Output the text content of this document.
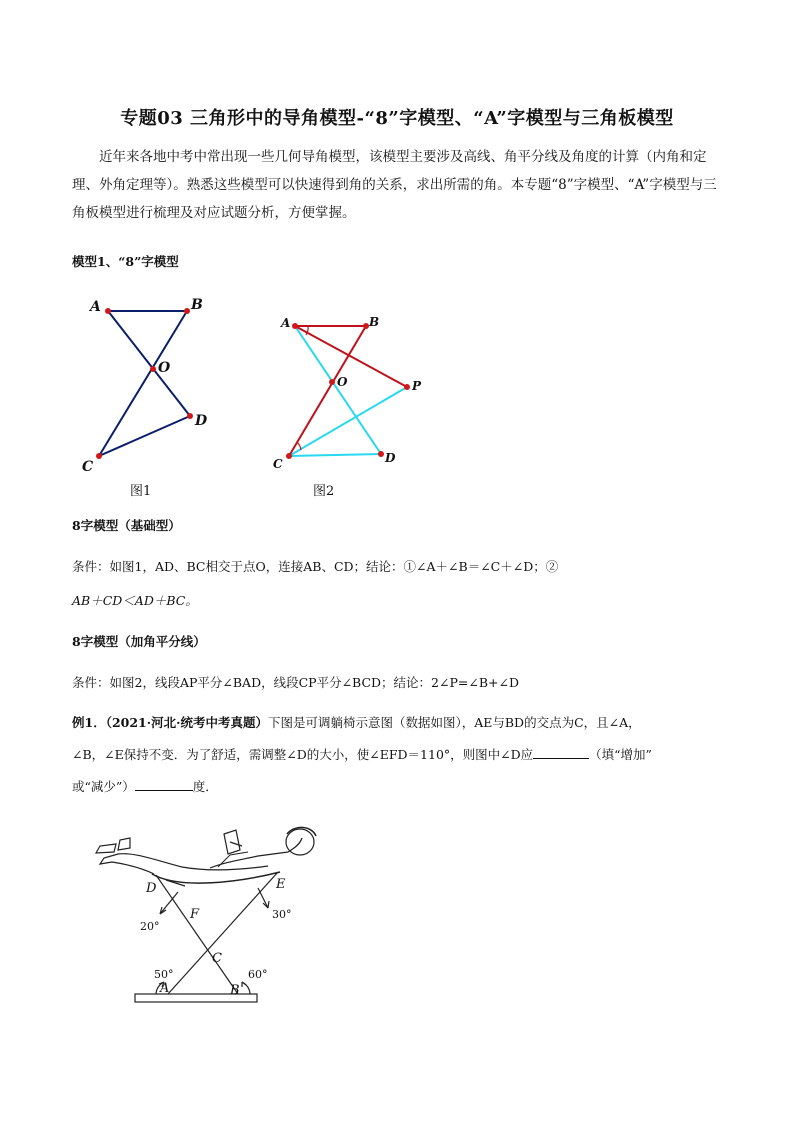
专题03 三角形中的导角模型-“8”字模型、“A”字模型与三角板模型
近年来各地中考中常出现一些几何导角模型，该模型主要涉及高线、角平分线及角度的计算（内角和定理、外角定理等）。熟悉这些模型可以快速得到角的关系，求出所需的角。本专题“8”字模型、“A”字模型与三角板模型进行梳理及对应试题分析，方便掌握。
模型1、“8”字模型
A	B
O
D
C
图1
A	B
O	P
C	D
图2
8字模型（基础型）
条件：如图1，AD、BC相交于点O，连接AB、CD；结论：①∠A＋∠B＝∠C＋∠D；②
AB＋CD＜AD＋BC。
8字模型（加角平分线）
条件：如图2，线段AP平分∠BAD，线段CP平分∠BCD；结论：2∠P=∠B+∠D
例1．（2021·河北·统考中考真题）下图是可调躺椅示意图（数据如图），AE与BD的交点为C，且∠A，
∠B，∠E保持不变．为了舒适，需调整∠D的大小，使∠EFD＝110°，则图中∠D应	（填“增加”
或“减少”）	度．
D	E
F
C
A	B
20°
30°
50°	60°
